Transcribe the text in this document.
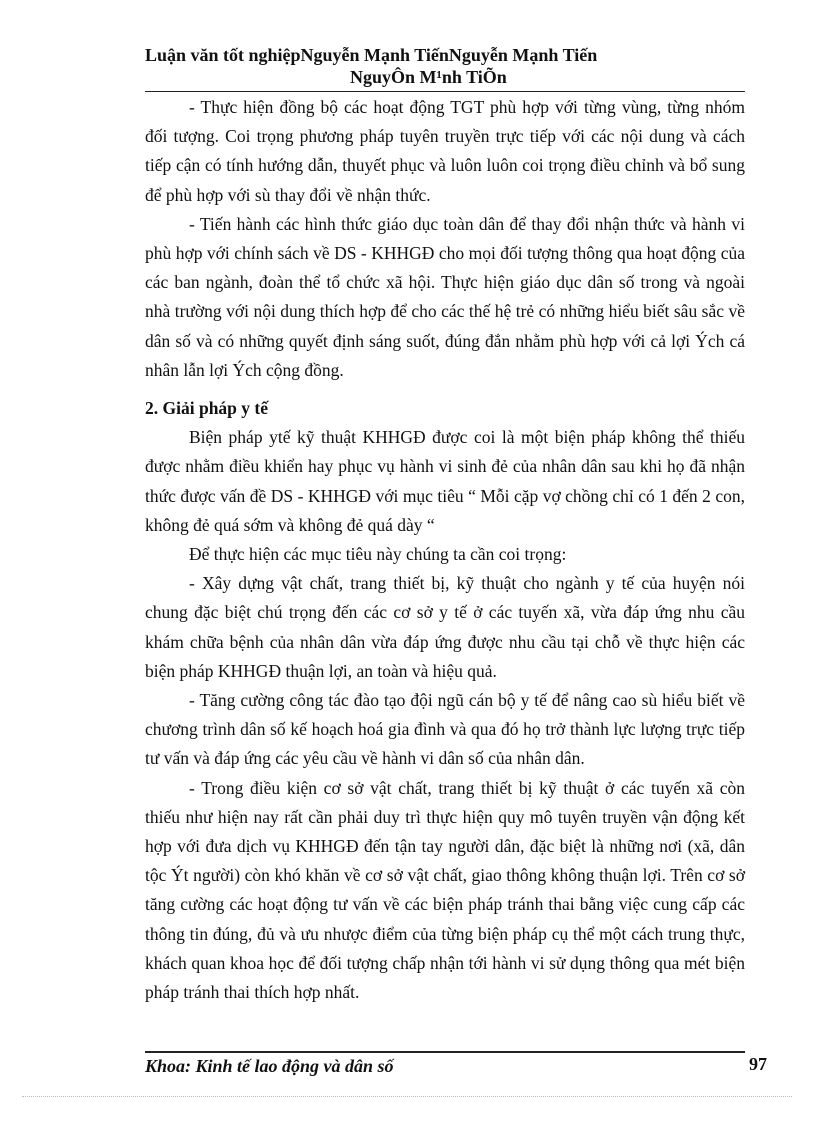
Luận văn tốt nghiệpNguyễn Mạnh TiếnNguyễn Mạnh Tiến
NguyÔn M¹nh TiÕn

- Thực hiện đồng bộ các hoạt động TGT phù hợp với từng vùng, từng nhóm đối tượng. Coi trọng phương pháp tuyên truyền trực tiếp với các nội dung và cách tiếp cận có tính hướng dẫn, thuyết phục và luôn luôn coi trọng điều chỉnh và bổ sung để phù hợp với sù thay đổi về nhận thức.

- Tiến hành các hình thức giáo dục toàn dân để thay đổi nhận thức và hành vi phù hợp với chính sách về DS - KHHGĐ cho mọi đối tượng thông qua hoạt động của các ban ngành, đoàn thể tổ chức xã hội. Thực hiện giáo dục dân số trong và ngoài nhà trường với nội dung thích hợp để cho các thế hệ trẻ có những hiểu biết sâu sắc về dân số và có những quyết định sáng suốt, đúng đắn nhằm phù hợp với cả lợi Ých cá nhân lẫn lợi Ých cộng đồng.

2. Giải pháp y tế

Biện pháp ytế kỹ thuật KHHGĐ được coi là một biện pháp không thể thiếu được nhằm điều khiển hay phục vụ hành vi sinh đẻ của nhân dân sau khi họ đã nhận thức được vấn đề DS - KHHGĐ với mục tiêu “ Mỗi cặp vợ chồng chỉ có 1 đến 2 con, không đẻ quá sớm và không đẻ quá dày “

Để thực hiện các mục tiêu này chúng ta cần coi trọng:

- Xây dựng vật chất, trang thiết bị, kỹ thuật cho ngành y tế của huyện nói chung đặc biệt chú trọng đến các cơ sở y tế ở các tuyến xã, vừa đáp ứng nhu cầu khám chữa bệnh của nhân dân vừa đáp ứng được nhu cầu tại chỗ về thực hiện các biện pháp KHHGĐ thuận lợi, an toàn và hiệu quả.

- Tăng cường công tác đào tạo đội ngũ cán bộ y tế để nâng cao sù hiểu biết về chương trình dân số kế hoạch hoá gia đình và qua đó họ trở thành lực lượng trực tiếp tư vấn và đáp ứng các yêu cầu về hành vi dân số của nhân dân.

- Trong điều kiện cơ sở vật chất, trang thiết bị kỹ thuật ở các tuyến xã còn thiếu như hiện nay rất cần phải duy trì thực hiện quy mô tuyên truyền vận động kết hợp với đưa dịch vụ KHHGĐ đến tận tay người dân, đặc biệt là những nơi (xã, dân tộc Ýt người) còn khó khăn về cơ sở vật chất, giao thông không thuận lợi. Trên cơ sở tăng cường các hoạt động tư vấn về các biện pháp tránh thai bằng việc cung cấp các thông tin đúng, đủ và ưu nhược điểm của từng biện pháp cụ thể một cách trung thực, khách quan khoa học để đối tượng chấp nhận tới hành vi sử dụng thông qua mét biện pháp tránh thai thích hợp nhất.

Khoa: Kinh tế lao động và dân số	97
